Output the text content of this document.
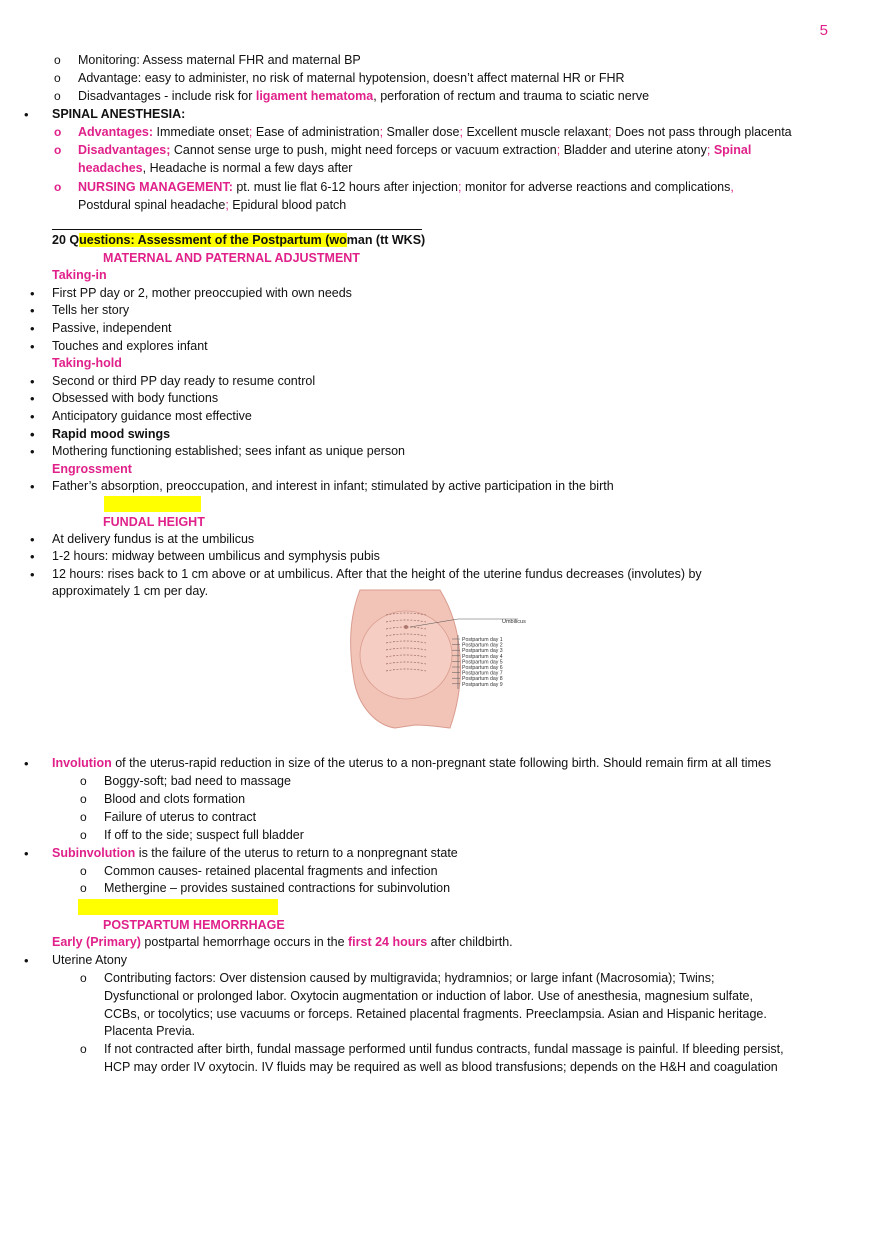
5
o Monitoring: Assess maternal FHR and maternal BP
o Advantage: easy to administer, no risk of maternal hypotension, doesn’t affect maternal HR or FHR
o Disadvantages - include risk for ligament hematoma, perforation of rectum and trauma to sciatic nerve
• SPINAL ANESTHESIA:
o Advantages: Immediate onset; Ease of administration; Smaller dose; Excellent muscle relaxant; Does not pass through placenta
o Disadvantages; Cannot sense urge to push, might need forceps or vacuum extraction; Bladder and uterine atony; Spinal
headaches, Headache is normal a few days after
o NURSING MANAGEMENT: pt. must lie flat 6-12 hours after injection; monitor for adverse reactions and complications,
Postdural spinal headache; Epidural blood patch
20 Questions: Assessment of the Postpartum (woman (tt WKS)
MATERNAL AND PATERNAL ADJUSTMENT
Taking-in
• First PP day or 2, mother preoccupied with own needs
• Tells her story
• Passive, independent
• Touches and explores infant
Taking-hold
• Second or third PP day ready to resume control
• Obsessed with body functions
• Anticipatory guidance most effective
• Rapid mood swings
• Mothering functioning established; sees infant as unique person
Engrossment
• Father’s absorption, preoccupation, and interest in infant; stimulated by active participation in the birth
FUNDAL HEIGHT
• At delivery fundus is at the umbilicus
• 1-2 hours: midway between umbilicus and symphysis pubis
• 12 hours: rises back to 1 cm above or at umbilicus. After that the height of the uterine fundus decreases (involutes) by
approximately 1 cm per day.
Umbilicus
Postpartum day 1
Postpartum day 2
Postpartum day 3
Postpartum day 4
Postpartum day 5
Postpartum day 6
Postpartum day 7
Postpartum day 8
Postpartum day 9
• Involution of the uterus-rapid reduction in size of the uterus to a non-pregnant state following birth. Should remain firm at all times
o Boggy-soft; bad need to massage
o Blood and clots formation
o Failure of uterus to contract
o If off to the side; suspect full bladder
• Subinvolution is the failure of the uterus to return to a nonpregnant state
o Common causes- retained placental fragments and infection
o Methergine – provides sustained contractions for subinvolution
POSTPARTUM HEMORRHAGE
Early (Primary) postpartal hemorrhage occurs in the first 24 hours after childbirth.
• Uterine Atony
o Contributing factors: Over distension caused by multigravida; hydramnios; or large infant (Macrosomia); Twins;
Dysfunctional or prolonged labor. Oxytocin augmentation or induction of labor. Use of anesthesia, magnesium sulfate,
CCBs, or tocolytics; use vacuums or forceps. Retained placental fragments. Preeclampsia. Asian and Hispanic heritage.
Placenta Previa.
o If not contracted after birth, fundal massage performed until fundus contracts, fundal massage is painful. If bleeding persist,
HCP may order IV oxytocin. IV fluids may be required as well as blood transfusions; depends on the H&H and coagulation
